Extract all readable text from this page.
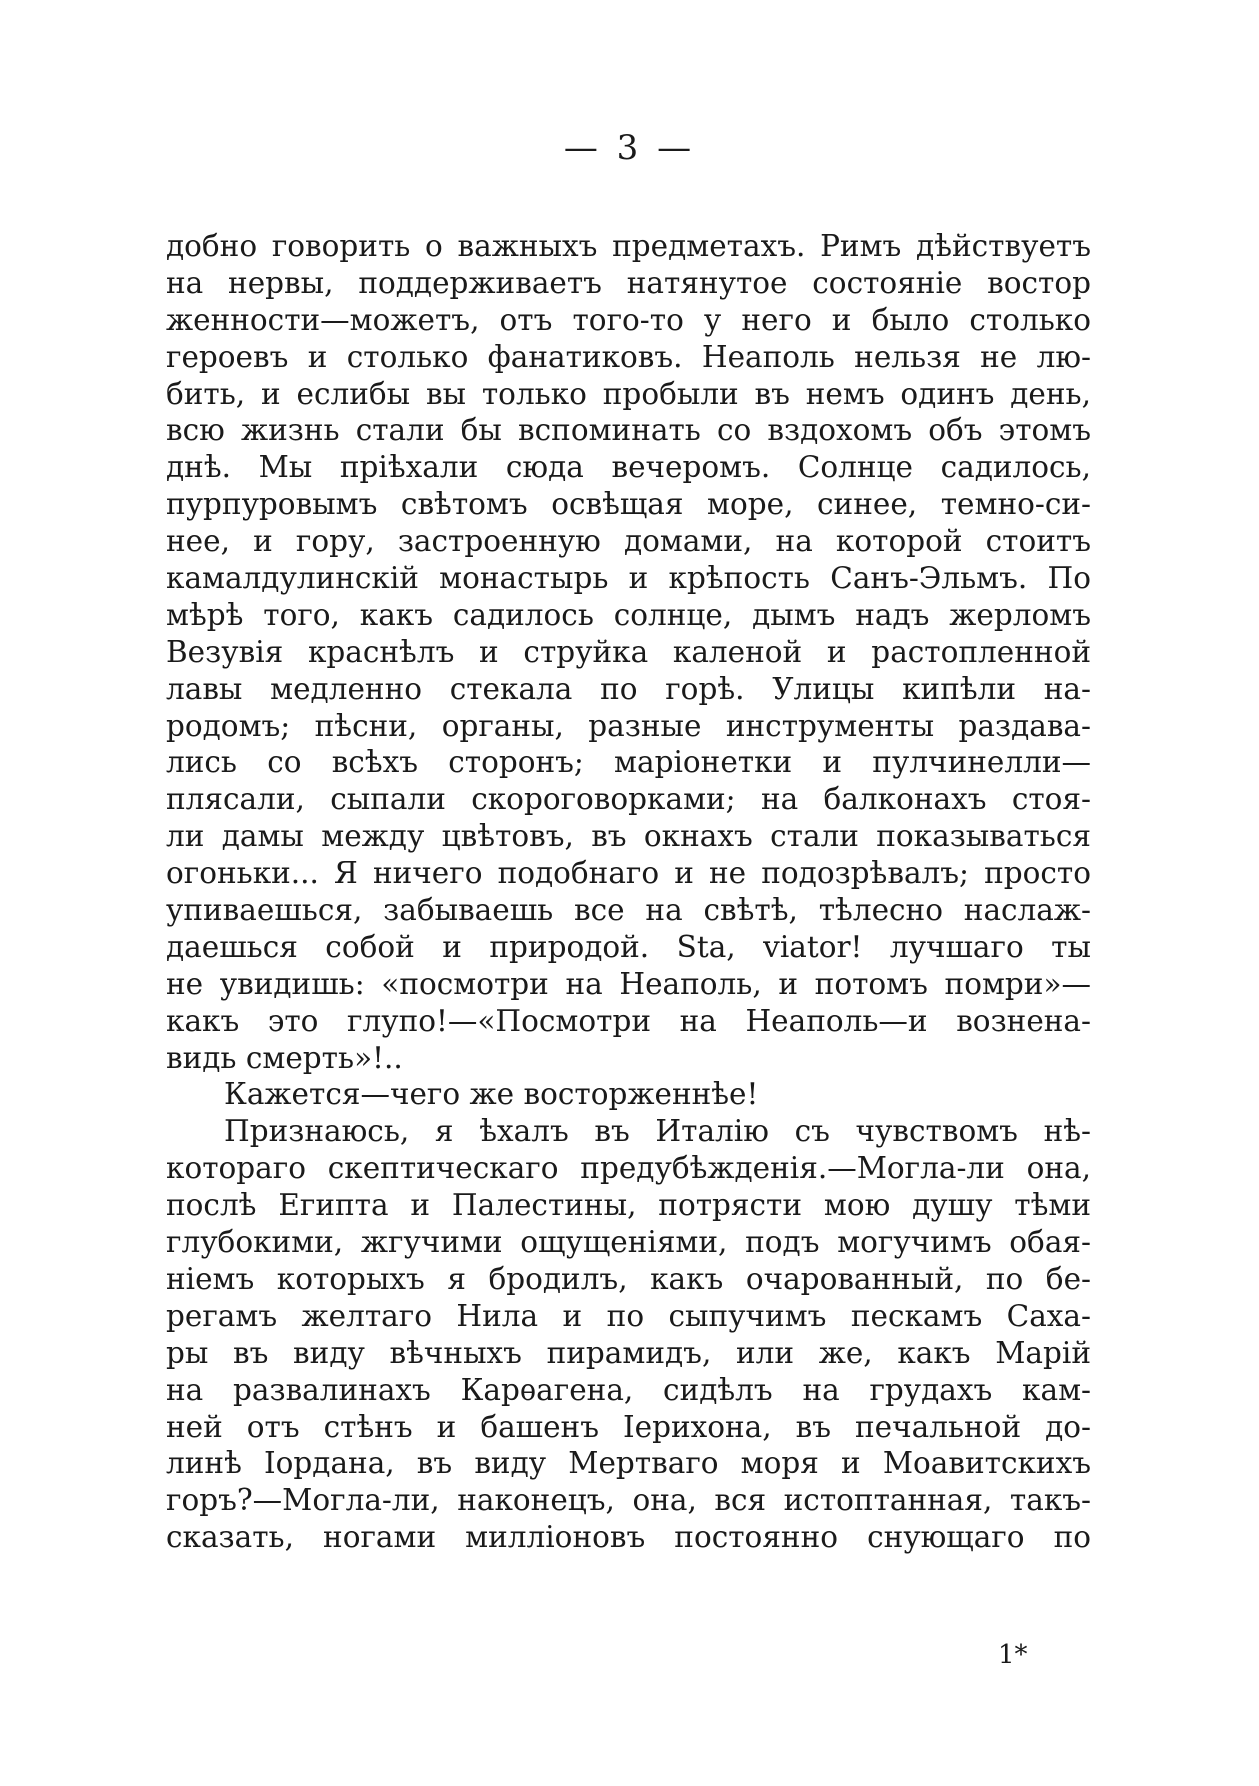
— 3 —
добно говорить о важныхъ предметахъ. Римъ дѣйствуетъ
на нервы, поддерживаетъ натянутое состояніе востор
женности—можетъ, отъ того-то у него и было столько
героевъ и столько фанатиковъ. Неаполь нельзя не лю-
бить, и еслибы вы только пробыли въ немъ одинъ день,
всю жизнь стали бы вспоминать со вздохомъ объ этомъ
днѣ. Мы пріѣхали сюда вечеромъ. Солнце садилось,
пурпуровымъ свѣтомъ освѣщая море, синее, темно-си-
нее, и гору, застроенную домами, на которой стоитъ
камалдулинскій монастырь и крѣпость Санъ-Эльмъ. По
мѣрѣ того, какъ садилось солнце, дымъ надъ жерломъ
Везувія краснѣлъ и струйка каленой и растопленной
лавы медленно стекала по горѣ. Улицы кипѣли на-
родомъ; пѣсни, органы, разные инструменты раздава-
лись со всѣхъ сторонъ; маріонетки и пулчинелли—
плясали, сыпали скороговорками; на балконахъ стоя-
ли дамы между цвѣтовъ, въ окнахъ стали показываться
огоньки... Я ничего подобнаго и не подозрѣвалъ; просто
упиваешься, забываешь все на свѣтѣ, тѣлесно наслаж-
даешься собой и природой. Sta, viator! лучшаго ты
не увидишь: «посмотри на Неаполь, и потомъ помри»—
какъ это глупо!—«Посмотри на Неаполь—и вознена-
видь смерть»!..
Кажется—чего же восторженнѣе!
Признаюсь, я ѣхалъ въ Италію съ чувствомъ нѣ-
котораго скептическаго предубѣжденія.—Могла-ли она,
послѣ Египта и Палестины, потрясти мою душу тѣми
глубокими, жгучими ощущеніями, подъ могучимъ обая-
ніемъ которыхъ я бродилъ, какъ очарованный, по бе-
регамъ желтаго Нила и по сыпучимъ пескамъ Саха-
ры въ виду вѣчныхъ пирамидъ, или же, какъ Марій
на развалинахъ Карѳагена, сидѣлъ на грудахъ кам-
ней отъ стѣнъ и башенъ Іерихона, въ печальной до-
линѣ Іордана, въ виду Мертваго моря и Моавитскихъ
горъ?—Могла-ли, наконецъ, она, вся истоптанная, такъ-
сказать, ногами милліоновъ постоянно снующаго по
1*
